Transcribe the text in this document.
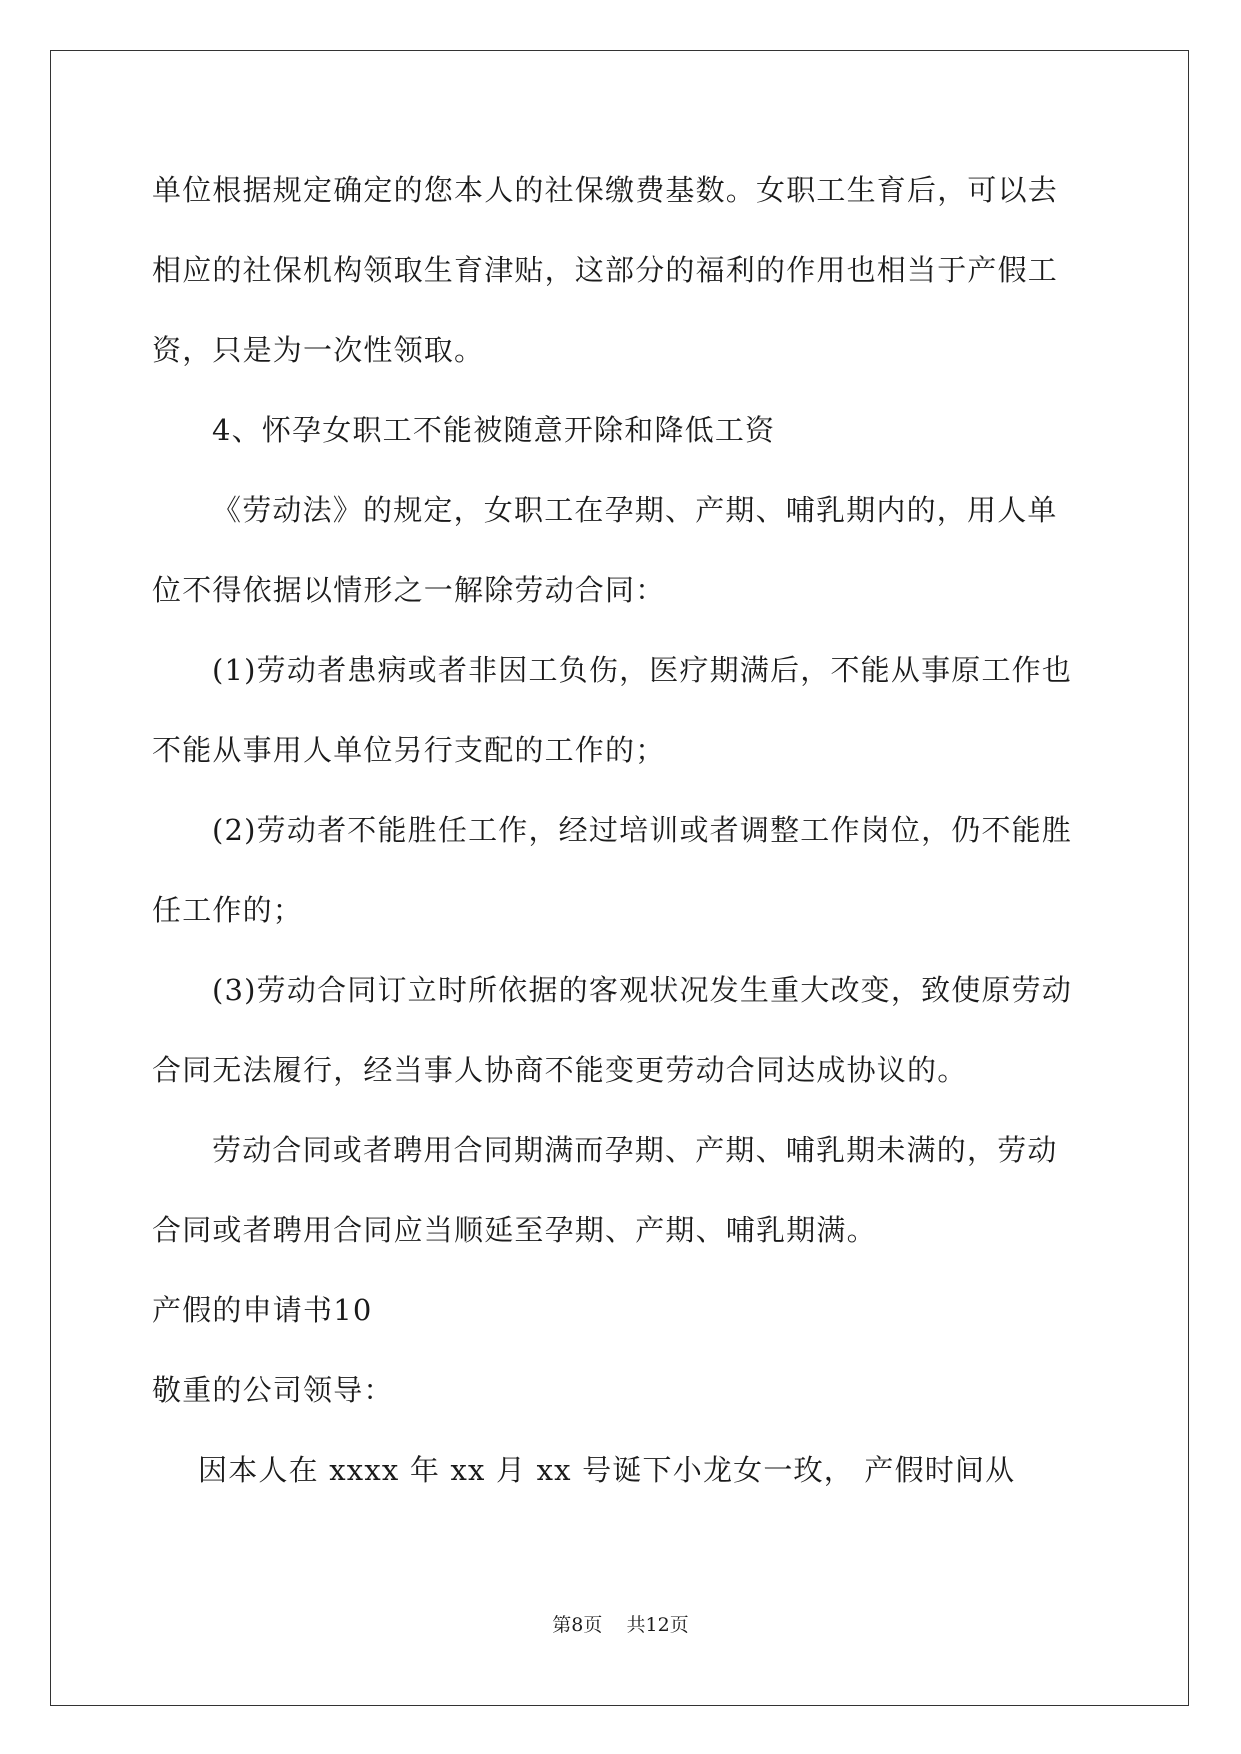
单位根据规定确定的您本人的社保缴费基数。女职工生育后，可以去
相应的社保机构领取生育津贴，这部分的福利的作用也相当于产假工
资，只是为一次性领取。
4、怀孕女职工不能被随意开除和降低工资
《劳动法》的规定，女职工在孕期、产期、哺乳期内的，用人单
位不得依据以情形之一解除劳动合同：
(1)劳动者患病或者非因工负伤，医疗期满后，不能从事原工作也
不能从事用人单位另行支配的工作的；
(2)劳动者不能胜任工作，经过培训或者调整工作岗位，仍不能胜
任工作的；
(3)劳动合同订立时所依据的客观状况发生重大改变，致使原劳动
合同无法履行，经当事人协商不能变更劳动合同达成协议的。
劳动合同或者聘用合同期满而孕期、产期、哺乳期未满的，劳动
合同或者聘用合同应当顺延至孕期、产期、哺乳期满。
产假的申请书10
敬重的公司领导：
因本人在 xxxx 年 xx 月 xx 号诞下小龙女一玫， 产假时间从
第8页    共12页
